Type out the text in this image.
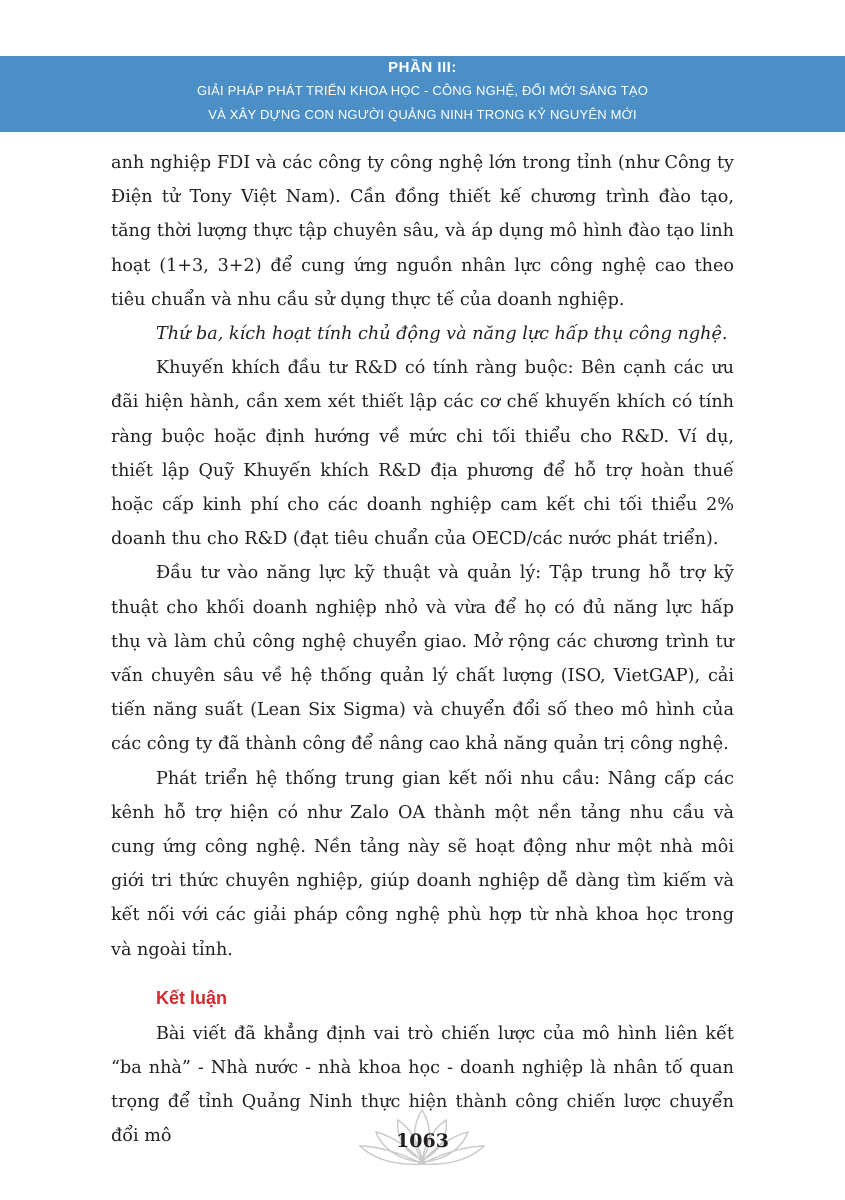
PHẦN III:
GIẢI PHÁP PHÁT TRIỂN KHOA HỌC - CÔNG NGHỆ, ĐỔI MỚI SÁNG TẠO
VÀ XÂY DỰNG CON NGƯỜI QUẢNG NINH TRONG KỶ NGUYÊN MỚI

anh nghiệp FDI và các công ty công nghệ lớn trong tỉnh (như Công ty Điện tử Tony Việt Nam). Cần đồng thiết kế chương trình đào tạo, tăng thời lượng thực tập chuyên sâu, và áp dụng mô hình đào tạo linh hoạt (1+3, 3+2) để cung ứng nguồn nhân lực công nghệ cao theo tiêu chuẩn và nhu cầu sử dụng thực tế của doanh nghiệp.

Thứ ba, kích hoạt tính chủ động và năng lực hấp thụ công nghệ.

Khuyến khích đầu tư R&D có tính ràng buộc: Bên cạnh các ưu đãi hiện hành, cần xem xét thiết lập các cơ chế khuyến khích có tính ràng buộc hoặc định hướng về mức chi tối thiểu cho R&D. Ví dụ, thiết lập Quỹ Khuyến khích R&D địa phương để hỗ trợ hoàn thuế hoặc cấp kinh phí cho các doanh nghiệp cam kết chi tối thiểu 2% doanh thu cho R&D (đạt tiêu chuẩn của OECD/các nước phát triển).

Đầu tư vào năng lực kỹ thuật và quản lý: Tập trung hỗ trợ kỹ thuật cho khối doanh nghiệp nhỏ và vừa để họ có đủ năng lực hấp thụ và làm chủ công nghệ chuyển giao. Mở rộng các chương trình tư vấn chuyên sâu về hệ thống quản lý chất lượng (ISO, VietGAP), cải tiến năng suất (Lean Six Sigma) và chuyển đổi số theo mô hình của các công ty đã thành công để nâng cao khả năng quản trị công nghệ.

Phát triển hệ thống trung gian kết nối nhu cầu: Nâng cấp các kênh hỗ trợ hiện có như Zalo OA thành một nền tảng nhu cầu và cung ứng công nghệ. Nền tảng này sẽ hoạt động như một nhà môi giới tri thức chuyên nghiệp, giúp doanh nghiệp dễ dàng tìm kiếm và kết nối với các giải pháp công nghệ phù hợp từ nhà khoa học trong và ngoài tỉnh.

Kết luận

Bài viết đã khẳng định vai trò chiến lược của mô hình liên kết “ba nhà” - Nhà nước - nhà khoa học - doanh nghiệp là nhân tố quan trọng để tỉnh Quảng Ninh thực hiện thành công chiến lược chuyển đổi mô	1063
